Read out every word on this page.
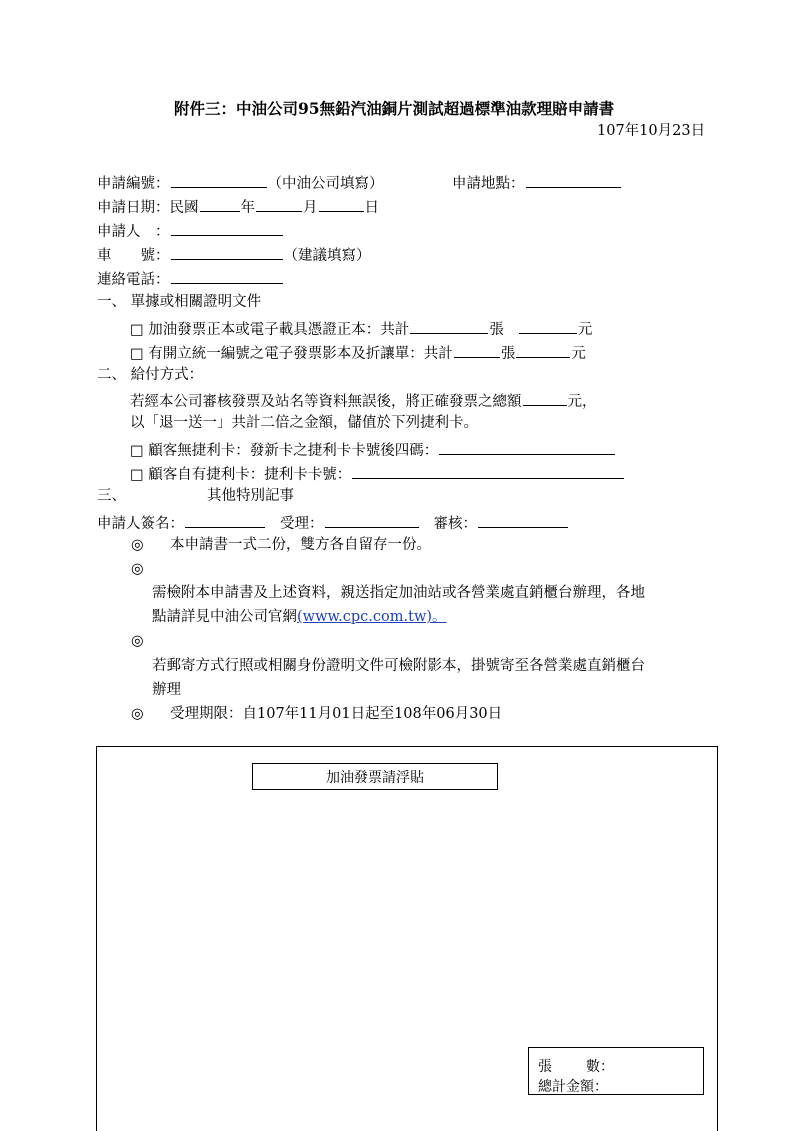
附件三：中油公司95無鉛汽油銅片測試超過標準油款理賠申請書
107年10月23日
申請編號：	（中油公司填寫）	申請地點：
申請日期：民國	年	月	日
申請人　：
車　　號：	（建議填寫）
連絡電話：
一、 單據或相關證明文件
□ 加油發票正本或電子載具憑證正本：共計	張	元
□ 有開立統一編號之電子發票影本及折讓單：共計	張	元
二、 給付方式：
若經本公司審核發票及站名等資料無誤後，將正確發票之總額	元，
以「退一送一」共計二倍之金額，儲值於下列捷利卡。
□ 顧客無捷利卡：發新卡之捷利卡卡號後四碼：
□ 顧客自有捷利卡：捷利卡卡號：
三、	其他特別記事
申請人簽名：	受理：	審核：
◎ 本申請書一式二份，雙方各自留存一份。
◎
需檢附本申請書及上述資料，親送指定加油站或各營業處直銷櫃台辦理，各地
點請詳見中油公司官網(www.cpc.com.tw)。
◎
若郵寄方式行照或相關身份證明文件可檢附影本，掛號寄至各營業處直銷櫃台
辦理
◎ 受理期限：自107年11月01日起至108年06月30日
加油發票請浮貼
張 數：
總計金額：
